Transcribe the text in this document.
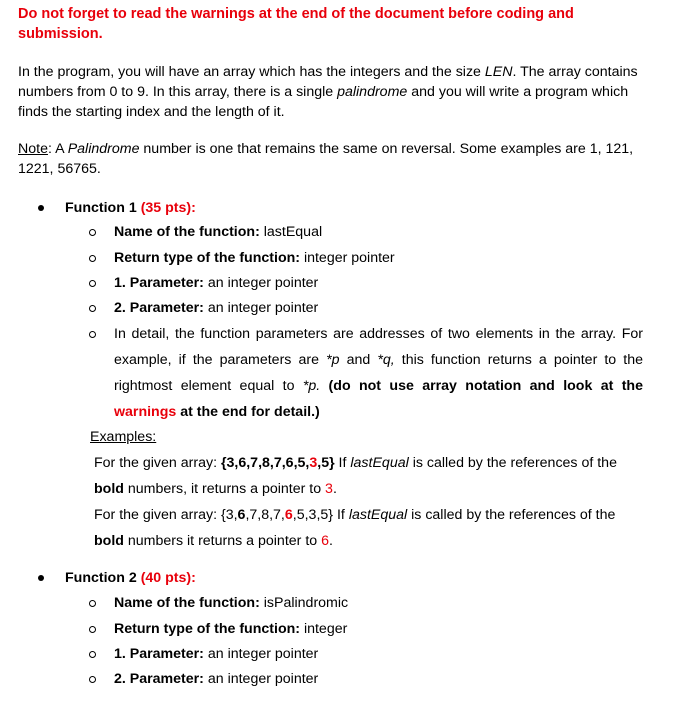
Do not forget to read the warnings at the end of the document before coding and submission.
In the program, you will have an array which has the integers and the size LEN. The array contains numbers from 0 to 9. In this array, there is a single palindrome and you will write a program which finds the starting index and the length of it.
Note: A Palindrome number is one that remains the same on reversal. Some examples are 1, 121, 1221, 56765.
Function 1 (35 pts):
Name of the function: lastEqual
Return type of the function: integer pointer
1. Parameter: an integer pointer
2. Parameter: an integer pointer
In detail, the function parameters are addresses of two elements in the array. For example, if the parameters are *p and *q, this function returns a pointer to the rightmost element equal to *p. (do not use array notation and look at the warnings at the end for detail.)
Examples:
For the given array: {3,6,7,8,7,6,5,3,5} If lastEqual is called by the references of the
bold numbers, it returns a pointer to 3.
For the given array: {3,6,7,8,7,6,5,3,5} If lastEqual is called by the references of the
bold numbers it returns a pointer to 6.
Function 2 (40 pts):
Name of the function: isPalindromic
Return type of the function: integer
1. Parameter: an integer pointer
2. Parameter: an integer pointer
